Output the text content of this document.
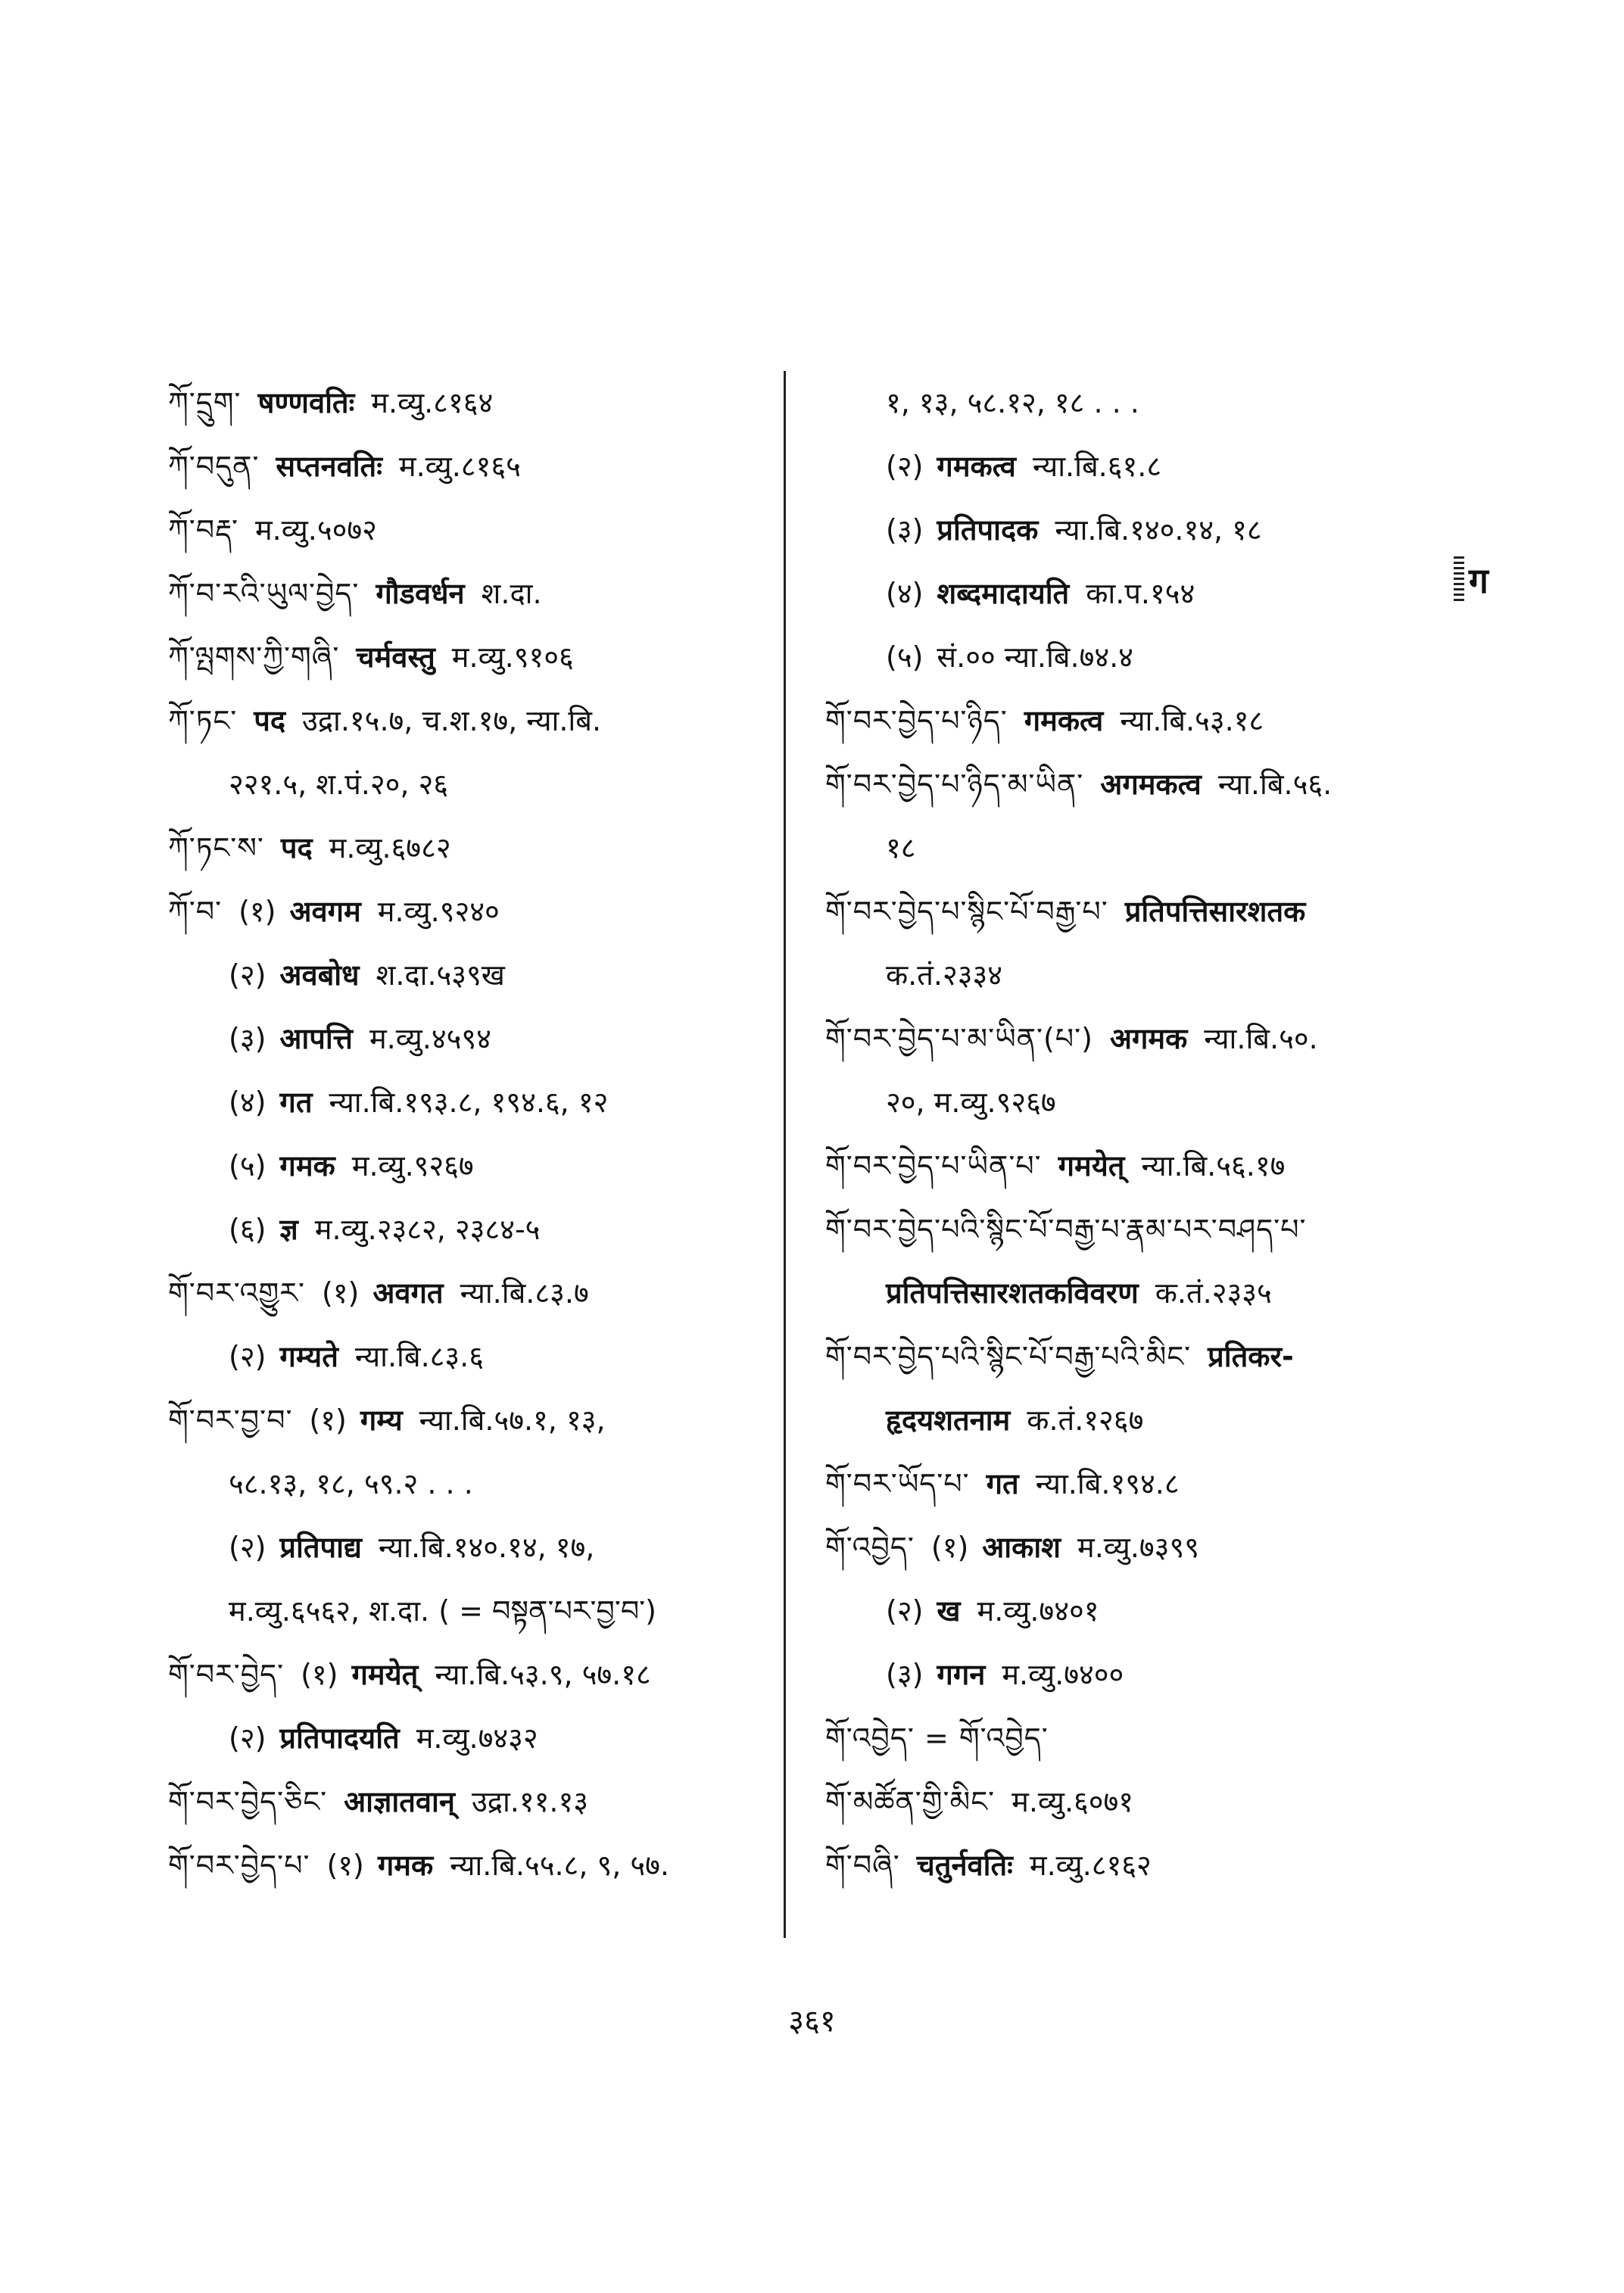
ཀོ་དྲུག་ षण्णवतिः म.व्यु.८१६४
ཀོ་བདུན་ सप्तनवतिः म.व्यु.८१६५
ཀོ་བརྡ་ म.व्यु.५०७२
ཀོ་བ་རའི་ཡུལ་བྱེད་ गौडवर्धन श.दा.
ཀོ་ལྤགས་ཀྱི་གཞི་ चर्मवस्तु म.व्यु.९१०६
ཀོ་ཏང་ पद उद्रा.१५.७, च.श.१७, न्या.बि.
२२१.५, श.पं.२०, २६
ཀོ་ཏང་ས་ पद म.व्यु.६७८२
ཀོ་བ་ (१) अवगम म.व्यु.९२४०
(२) अवबोध श.दा.५३९ख
(३) आपत्ति म.व्यु.४५९४
(४) गत न्या.बि.१९३.८, १९४.६, १२
(५) गमक म.व्यु.९२६७
(६) ज्ञ म.व्यु.२३८२, २३८४-५
གོ་བར་འགྱུར་ (१) अवगत न्या.बि.८३.७
(२) गम्यते न्या.बि.८३.६
གོ་བར་བྱ་བ་ (१) गम्य न्या.बि.५७.१, १३,
५८.१३, १८, ५९.२ . . .
(२) प्रतिपाद्य न्या.बि.१४०.१४, १७,
म.व्यु.६५६२, श.दा. ( = བསྟན་པར་བྱ་བ་)
གོ་བར་བྱེད་ (१) गमयेत् न्या.बि.५३.९, ५७.१८
(२) प्रतिपादयति म.व्यु.७४३२
གོ་བར་བྱེད་ཅིང་ आज्ञातवान् उद्रा.११.१३
གོ་བར་བྱེད་པ་ (१) गमक न्या.बि.५५.८, ९, ५७.
१, १३, ५८.१२, १८ . . .
(२) गमकत्व न्या.बि.६१.८
(३) प्रतिपादक न्या.बि.१४०.१४, १८
(४) शब्दमादायति का.प.१५४
(५) सं.०० न्या.बि.७४.४
གོ་བར་བྱེད་པ་ཉིད་ गमकत्व न्या.बि.५३.१८
གོ་བར་བྱེད་པ་ཉིད་མ་ཡིན་ अगमकत्व न्या.बि.५६.
१८
གོ་བར་བྱེད་པ་སྙིང་པོ་བརྒྱ་པ་ प्रतिपत्तिसारशतक
क.तं.२३३४
གོ་བར་བྱེད་པ་མ་ཡིན་(པ་) अगमक न्या.बि.५०.
२०, म.व्यु.९२६७
གོ་བར་བྱེད་པ་ཡིན་པ་ गमयेत् न्या.बि.५६.१७
གོ་བར་བྱེད་པའི་སྙིང་པོ་བརྒྱ་པ་རྣམ་པར་བཤད་པ་
प्रतिपत्तिसारशतकविवरण क.तं.२३३५
གོ་བར་བྱེད་པའི་སྙིང་པོ་བརྒྱ་པའི་མིང་ प्रतिकर-
हृदयशतनाम क.तं.१२६७
གོ་བར་ཡོད་པ་ गत न्या.बि.१९४.८
གོ་འབྱེད་ (१) आकाश म.व्यु.७३९९
(२) ख म.व्यु.७४०१
(३) गगन म.व्यु.७४००
གོ་འབྱེད་ = གོ་འབྱེད་
གོ་མཚོན་གྱི་མིང་ म.व्यु.६०७१
གོ་བཞི་ चतुर्नवतिः म.व्यु.८१६२
ग
३६१
